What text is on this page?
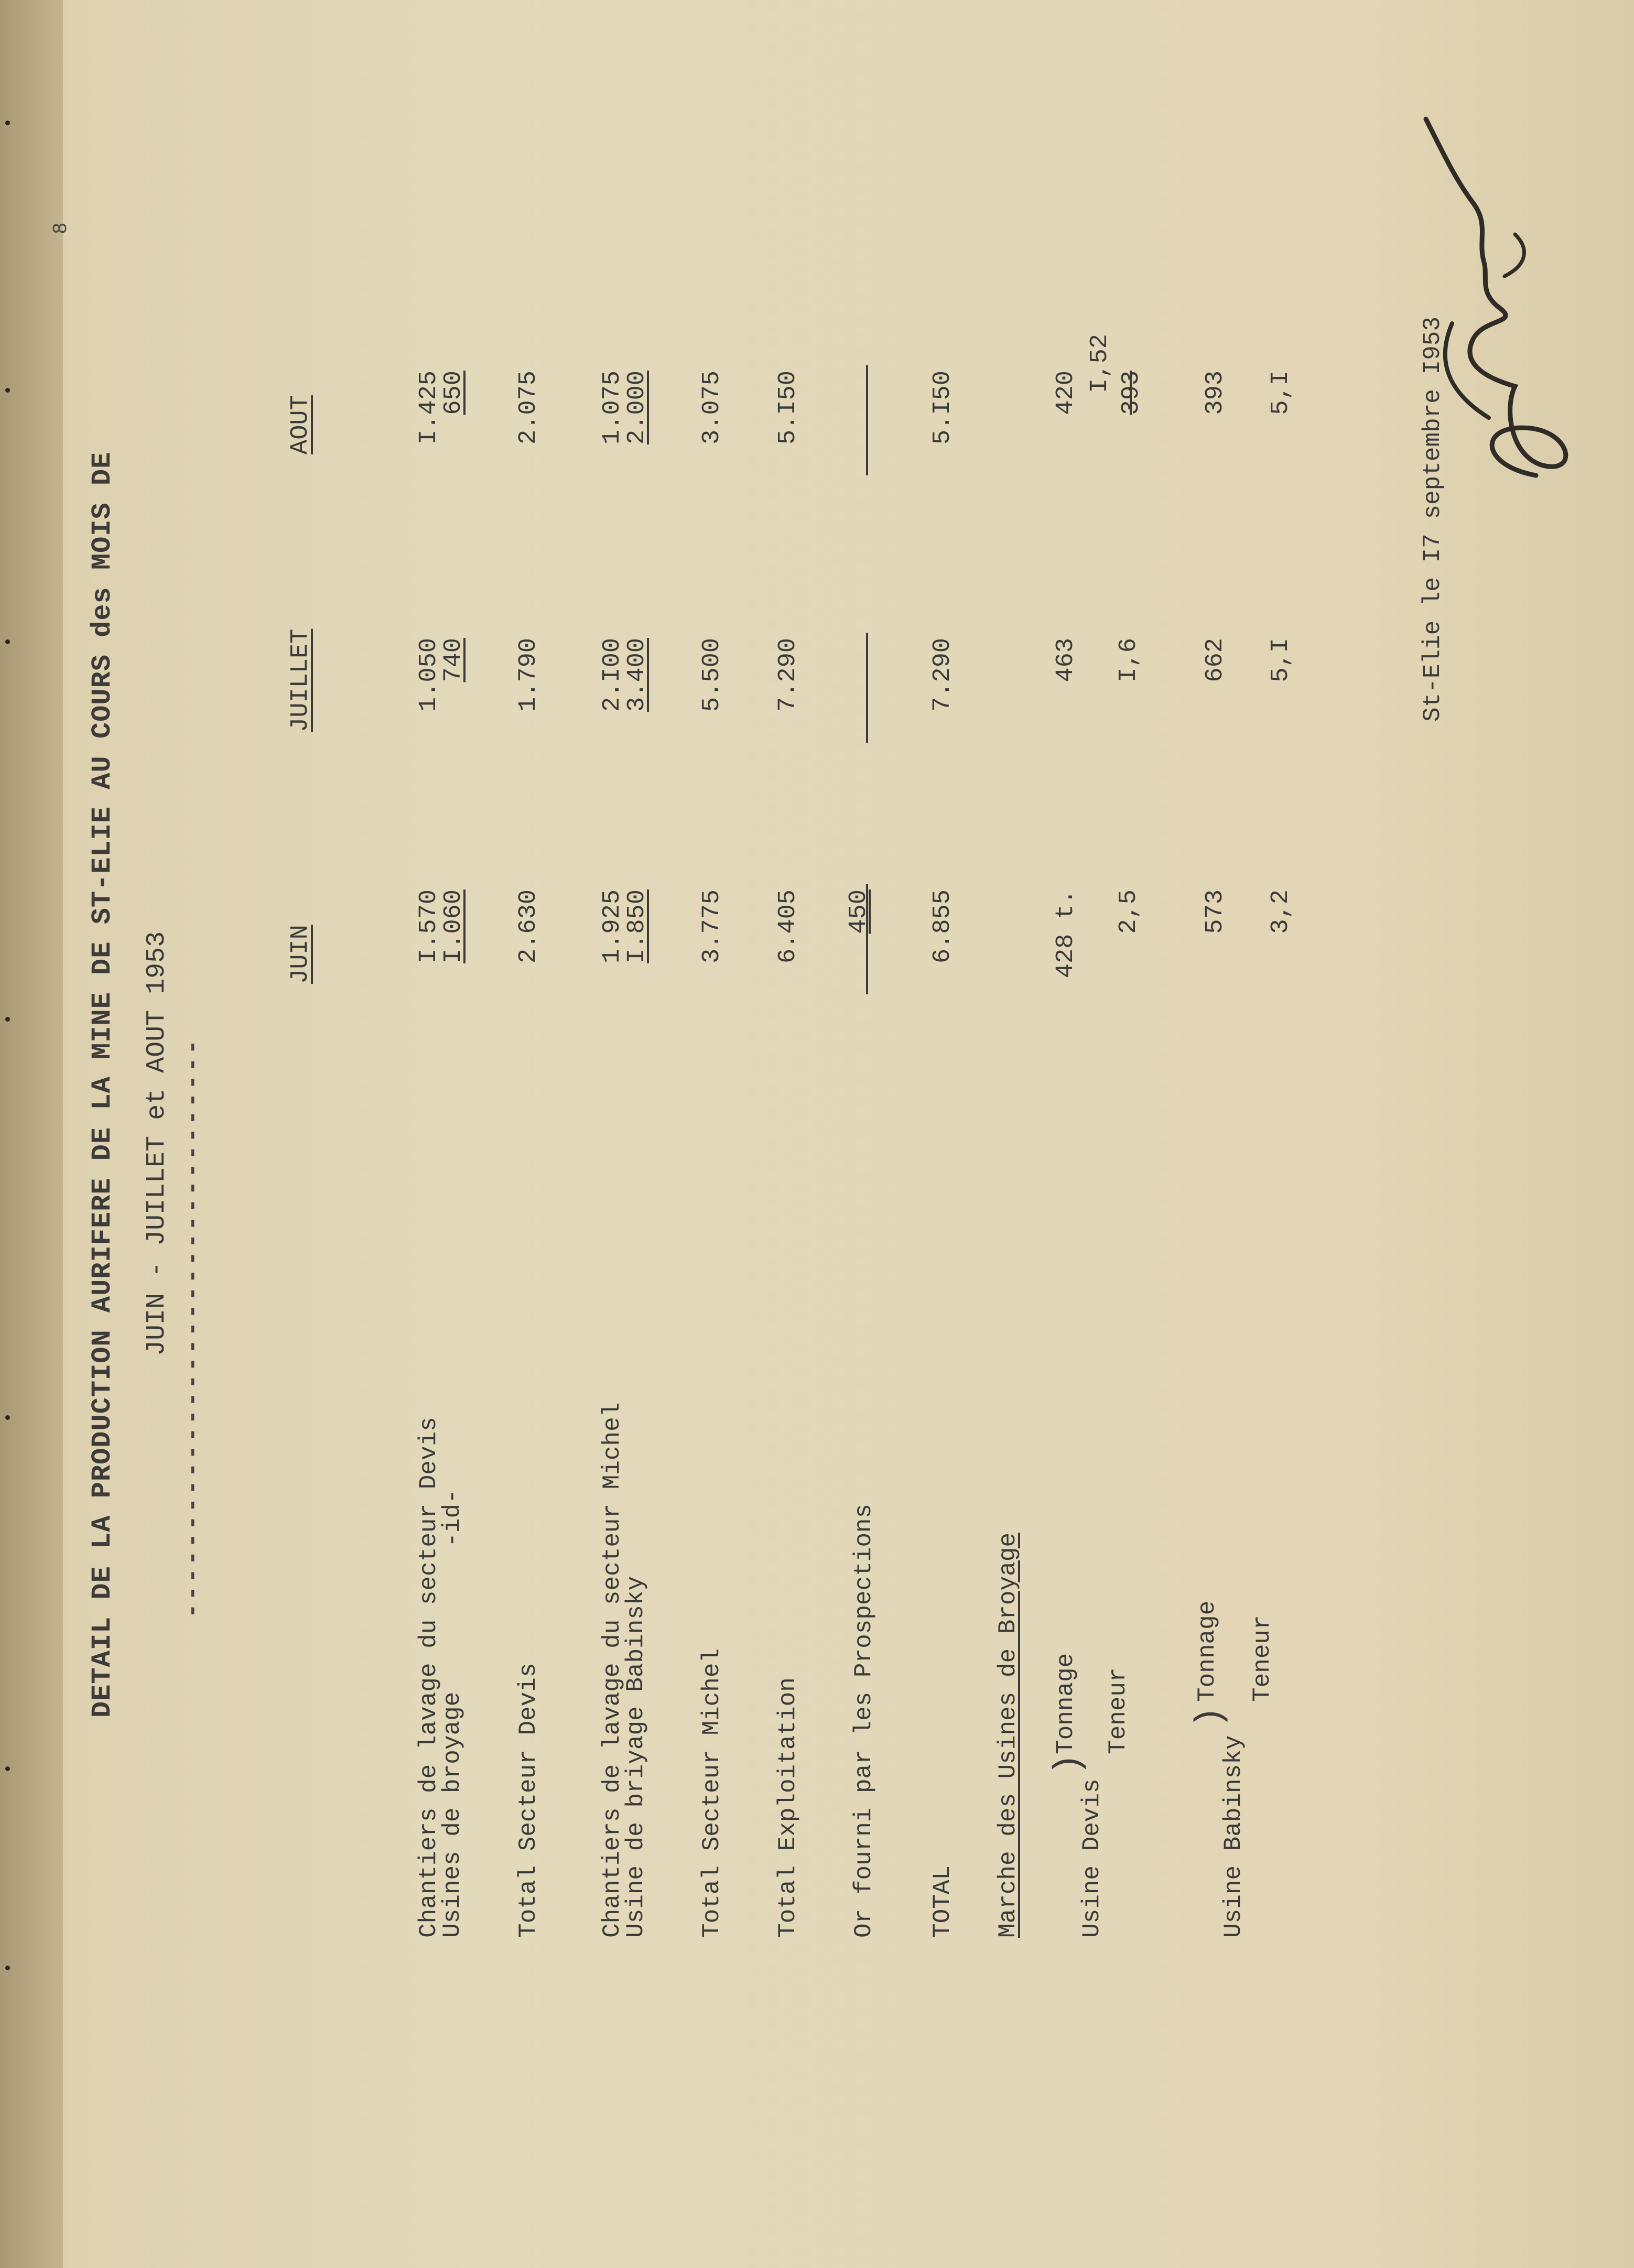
DETAIL DE LA PRODUCTION AURIFERE DE LA MINE DE ST-ELIE AU COURS des MOIS DE JUIN - JUILLET et AOUT 1953 ---------------------------------
JUIN
JUILLET
AOUT
Chantiers de lavage du secteur Devis
Usines de broyage          -id-
I.570
I.060
1.050
740
I.425
650
Total Secteur Devis
2.630
1.790
2.075
Chantiers de lavage du secteur Michel
Usine de briyage Babinsky
1.925
I.850
2.I00
3.400
1.075
2.000
Total Secteur Michel
3.775
5.500
3.075
Total Exploitation
6.405
7.290
5.I50
Or fourni par les Prospections
450
TOTAL
6.855
7.290
5.I50
Marche des Usines de Broyage Usine Devis
)
Tonnage Teneur
428 t.
463
420
2,5
I,6
I,52 393
Usine Babinsky
)
Tonnage Teneur
573
662
393
3,2
5,I
5,I	St-Elie le I7 septembre I953
8
